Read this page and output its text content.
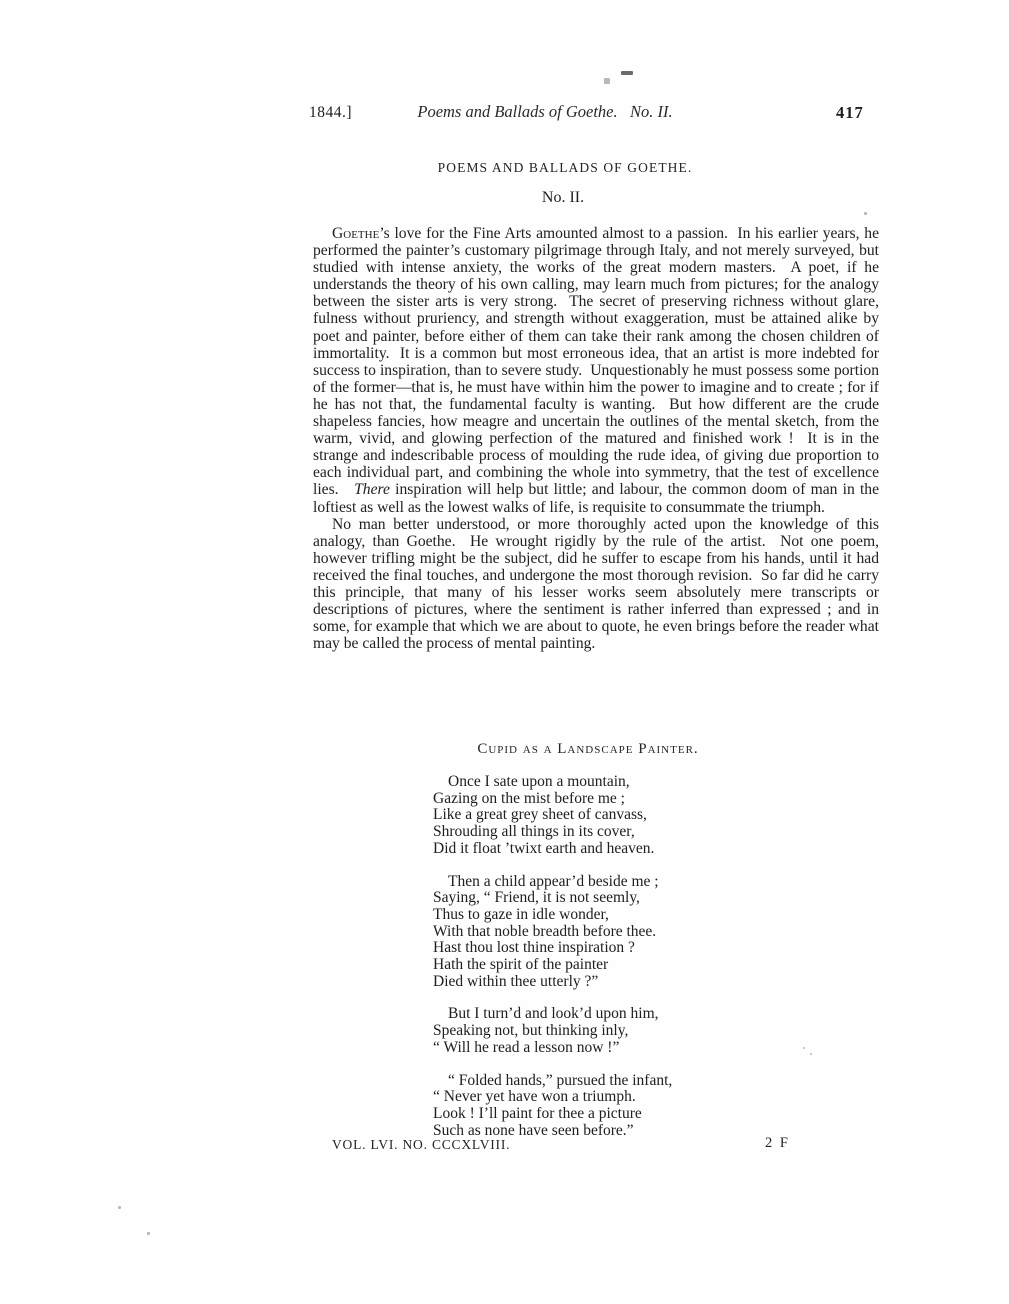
1844.]	Poems and Ballads of Goethe.   No. II.	417
POEMS AND BALLADS OF GOETHE.
No. II.

Goethe’s love for the Fine Arts amounted almost to a passion.  In his earlier years, he performed the painter’s customary pilgrimage through Italy, and not merely surveyed, but studied with intense anxiety, the works of the great modern masters.  A poet, if he understands the theory of his own calling, may learn much from pictures; for the analogy between the sister arts is very strong.  The secret of preserving richness without glare, fulness without pruriency, and strength without exaggeration, must be attained alike by poet and painter, before either of them can take their rank among the chosen children of immortality.  It is a common but most erroneous idea, that an artist is more indebted for success to inspiration, than to severe study.  Unquestionably he must possess some portion of the former—that is, he must have within him the power to imagine and to create ; for if he has not that, the fundamental faculty is wanting.  But how different are the crude shapeless fancies, how meagre and uncertain the outlines of the mental sketch, from the warm, vivid, and glowing perfection of the matured and finished work !  It is in the strange and indescribable process of moulding the rude idea, of giving due proportion to each individual part, and combining the whole into symmetry, that the test of excellence lies.   There inspiration will help but little; and labour, the common doom of man in the loftiest as well as the lowest walks of life, is requisite to consummate the triumph.

No man better understood, or more thoroughly acted upon the knowledge of this analogy, than Goethe.  He wrought rigidly by the rule of the artist.  Not one poem, however trifling might be the subject, did he suffer to escape from his hands, until it had received the final touches, and undergone the most thorough revision.  So far did he carry this principle, that many of his lesser works seem absolutely mere transcripts or descriptions of pictures, where the sentiment is rather inferred than expressed ; and in some, for example that which we are about to quote, he even brings before the reader what may be called the process of mental painting.

Cupid as a Landscape Painter.
Once I sate upon a mountain,
Gazing on the mist before me ;
Like a great grey sheet of canvass,
Shrouding all things in its cover,
Did it float ’twixt earth and heaven.
Then a child appear’d beside me ;
Saying, “ Friend, it is not seemly,
Thus to gaze in idle wonder,
With that noble breadth before thee.
Hast thou lost thine inspiration ?
Hath the spirit of the painter
Died within thee utterly ?”
But I turn’d and look’d upon him,
Speaking not, but thinking inly,
“ Will he read a lesson now !”
“ Folded hands,” pursued the infant,
“ Never yet have won a triumph.
Look ! I’ll paint for thee a picture
Such as none have seen before.”
VOL. LVI. NO. CCCXLVIII.	2 F
